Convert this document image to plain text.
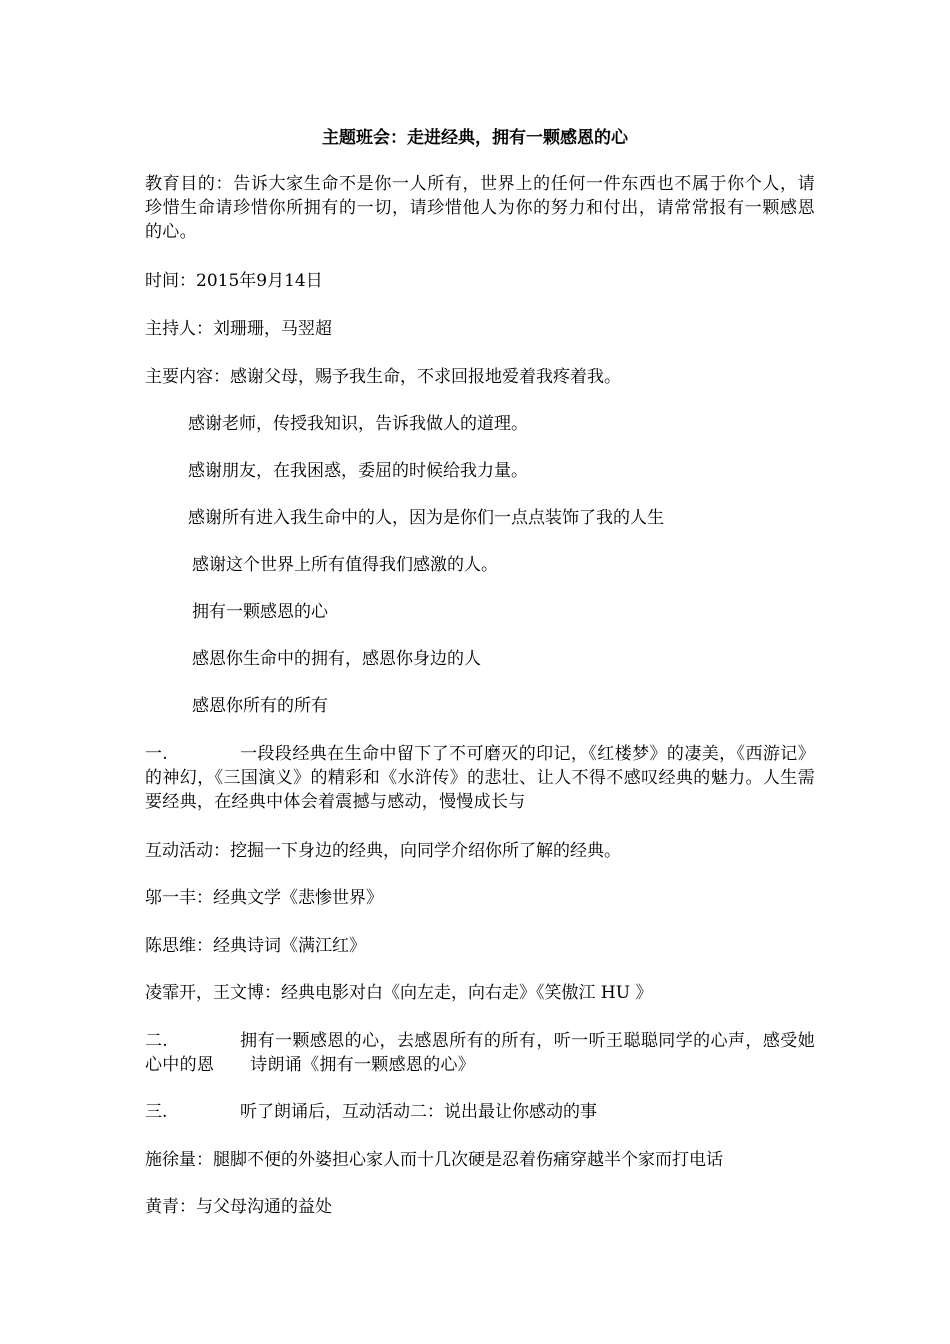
主题班会：走进经典，拥有一颗感恩的心
教育目的：告诉大家生命不是你一人所有，世界上的任何一件东西也不属于你个人，请珍惜生命请珍惜你所拥有的一切，请珍惜他人为你的努力和付出，请常常报有一颗感恩的心。
时间：2015年9月14日
主持人：刘珊珊，马翌超
主要内容：感谢父母，赐予我生命，不求回报地爱着我疼着我。
感谢老师，传授我知识，告诉我做人的道理。
感谢朋友，在我困惑，委屈的时候给我力量。
感谢所有进入我生命中的人，因为是你们一点点装饰了我的人生
感谢这个世界上所有值得我们感激的人。
拥有一颗感恩的心
感恩你生命中的拥有，感恩你身边的人
感恩你所有的所有
一.	一段段经典在生命中留下了不可磨灭的印记，《红楼梦》的凄美，《西游记》的神幻，《三国演义》的精彩和《水浒传》的悲壮、让人不得不感叹经典的魅力。人生需要经典，在经典中体会着震撼与感动，慢慢成长与
互动活动：挖掘一下身边的经典，向同学介绍你所了解的经典。
邬一丰：经典文学《悲惨世界》
陈思维：经典诗词《满江红》
凌霏开，王文博：经典电影对白《向左走，向右走》《笑傲江 HU 》
二.	拥有一颗感恩的心，去感恩所有的所有，听一听王聪聪同学的心声，感受她心中的恩 诗朗诵《拥有一颗感恩的心》
三.	听了朗诵后，互动活动二：说出最让你感动的事
施徐量：腿脚不便的外婆担心家人而十几次硬是忍着伤痛穿越半个家而打电话
黄青：与父母沟通的益处
